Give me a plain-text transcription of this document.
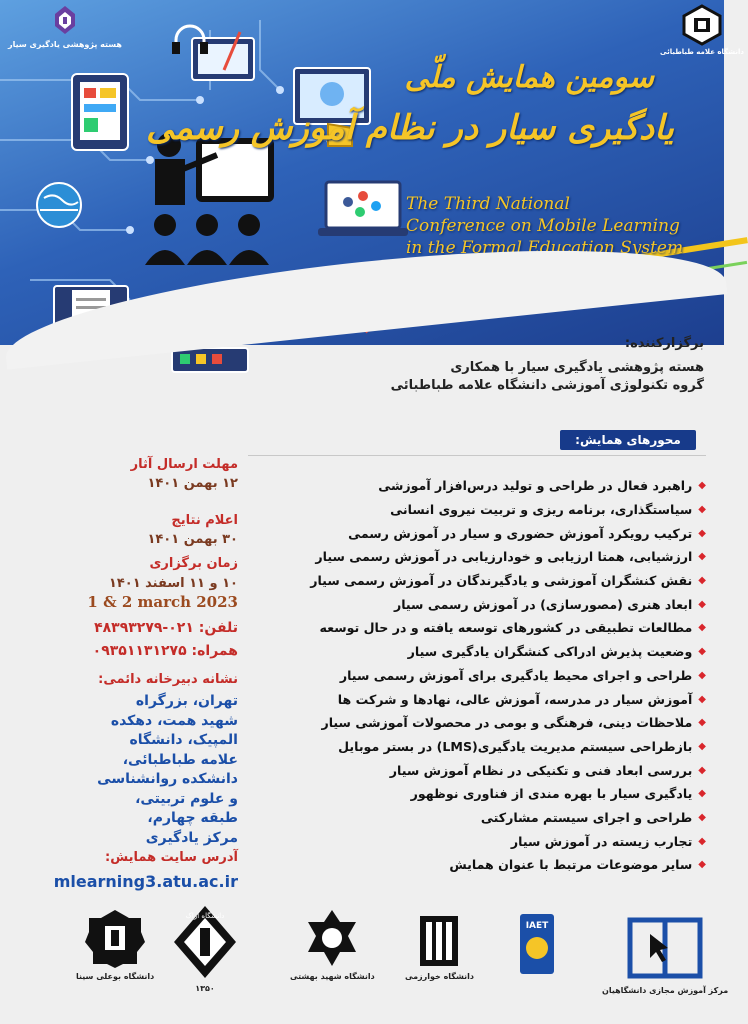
سومین همایش ملّی
یادگیری سیار در نظام آموزش رسمی
The Third National
Conference on Mobile Learning
in the Formal Education System
هسته پژوهشی یادگیری سیار
دانشگاه علامه طباطبائی
برگزارکننده:
هسته پژوهشی یادگیری سیار با همکاری
گروه تکنولوژی آموزشی دانشگاه علامه طباطبائی
محورهای همایش:
◆
راهبرد فعال در طراحی و تولید درس‌افزار آموزشی
◆
سیاستگذاری، برنامه ریزی و تربیت نیروی انسانی
◆
ترکیب رویکرد آموزش حضوری و سیار در آموزش رسمی
◆
ارزشیابی، همتا ارزیابی و خودارزیابی در آموزش رسمی سیار
◆
نقش کنشگران آموزشی و یادگیرندگان در آموزش رسمی سیار
◆
ابعاد هنری (مصورسازی) در آموزش رسمی سیار
◆
مطالعات تطبیقی در کشورهای توسعه یافته و در حال توسعه
◆
وضعیت پذیرش ادراکی کنشگران یادگیری سیار
◆
طراحی و اجرای محیط یادگیری برای آموزش رسمی سیار
◆
آموزش سیار در مدرسه، آموزش عالی، نهادها و شرکت ها
◆
ملاحظات دینی، فرهنگی و بومی در محصولات آموزشی سیار
◆
بازطراحی سیستم مدیریت یادگیری(LMS) در بستر موبایل
◆
بررسی ابعاد فنی و تکنیکی در نظام آموزش سیار
◆
یادگیری سیار با بهره مندی از فناوری نوظهور
◆
طراحی و اجرای سیستم مشارکتی
◆
تجارب زیسته در آموزش سیار
◆
سایر موضوعات مرتبط با عنوان همایش
مهلت ارسال آثار
۱۲ بهمن ۱۴۰۱
اعلام نتایج
۳۰ بهمن ۱۴۰۱
زمان برگزاری
۱۰ و ۱۱ اسفند ۱۴۰۱
1 & 2 march 2023
تلفن: ۰۲۱-۴۸۳۹۳۲۷۹
همراه: ۰۹۳۵۱۱۳۱۲۷۵
نشانه دبیرخانه دائمی:
تهران، بزرگراه
شهید همت، دهکده
المپیک، دانشگاه
علامه طباطبائی،
دانشکده روانشناسی
و علوم تربیتی،
طبقه چهارم،
مرکز یادگیری
آدرس سایت همایش:
mlearning3.atu.ac.ir
مرکز آموزش مجازی دانشگاهیان
IAET
دانشگاه خوارزمی
دانشگاه شهید بهشتی
دانشگاه اراک
۱۳۵۰
دانشگاه بوعلی سینا
